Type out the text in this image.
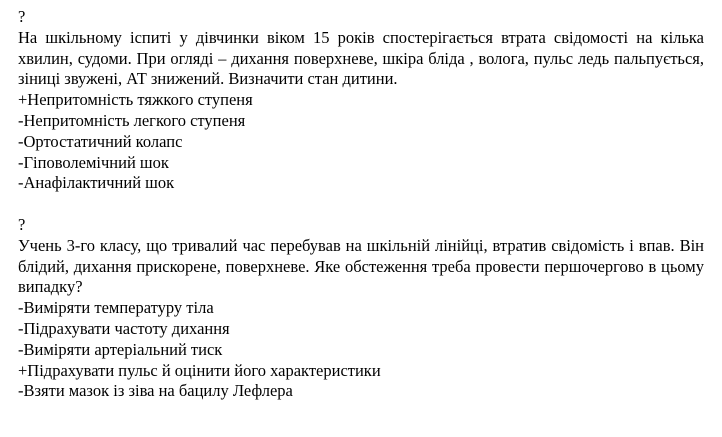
?
На шкільному іспиті у дівчинки віком 15 років спостерігається втрата свідомості на кілька хвилин, судоми. При огляді – дихання поверхневе, шкіра бліда , волога, пульс ледь пальпується, зіниці звужені, АТ знижений. Визначити стан дитини.
+Непритомність тяжкого ступеня
-Непритомність легкого ступеня
-Ортостатичний колапс
-Гіповолемічний шок
-Анафілактичний шок
?
Учень 3-го класу, що тривалий час перебував на шкільній лінійці, втратив свідомість і впав. Він блідий, дихання прискорене, поверхневе. Яке обстеження треба провести першочергово в цьому випадку?
-Виміряти температуру тіла
-Підрахувати частоту дихання
-Виміряти артеріальний тиск
+Підрахувати пульс й оцінити його характеристики
-Взяти мазок із зіва на бацилу Лефлера
